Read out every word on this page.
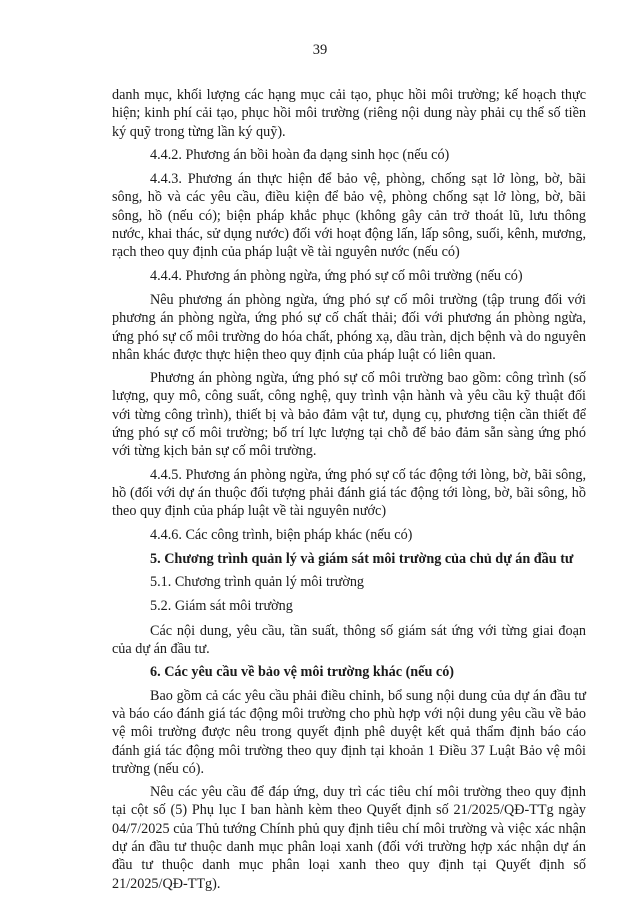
39

danh mục, khối lượng các hạng mục cải tạo, phục hồi môi trường; kế hoạch thực hiện; kinh phí cải tạo, phục hồi môi trường (riêng nội dung này phải cụ thể số tiền ký quỹ trong từng lần ký quỹ).

4.4.2. Phương án bồi hoàn đa dạng sinh học (nếu có)

4.4.3. Phương án thực hiện để bảo vệ, phòng, chống sạt lở lòng, bờ, bãi sông, hồ và các yêu cầu, điều kiện để bảo vệ, phòng chống sạt lở lòng, bờ, bãi sông, hồ (nếu có); biện pháp khắc phục (không gây cản trở thoát lũ, lưu thông nước, khai thác, sử dụng nước) đối với hoạt động lấn, lấp sông, suối, kênh, mương, rạch theo quy định của pháp luật về tài nguyên nước (nếu có)

4.4.4. Phương án phòng ngừa, ứng phó sự cố môi trường (nếu có)

Nêu phương án phòng ngừa, ứng phó sự cố môi trường (tập trung đối với phương án phòng ngừa, ứng phó sự cố chất thải; đối với phương án phòng ngừa, ứng phó sự cố môi trường do hóa chất, phóng xạ, dầu tràn, dịch bệnh và do nguyên nhân khác được thực hiện theo quy định của pháp luật có liên quan.

Phương án phòng ngừa, ứng phó sự cố môi trường bao gồm: công trình (số lượng, quy mô, công suất, công nghệ, quy trình vận hành và yêu cầu kỹ thuật đối với từng công trình), thiết bị và bảo đảm vật tư, dụng cụ, phương tiện cần thiết để ứng phó sự cố môi trường; bố trí lực lượng tại chỗ để bảo đảm sẵn sàng ứng phó với từng kịch bản sự cố môi trường.

4.4.5. Phương án phòng ngừa, ứng phó sự cố tác động tới lòng, bờ, bãi sông, hồ (đối với dự án thuộc đối tượng phải đánh giá tác động tới lòng, bờ, bãi sông, hồ theo quy định của pháp luật về tài nguyên nước)

4.4.6. Các công trình, biện pháp khác (nếu có)

5. Chương trình quản lý và giám sát môi trường của chủ dự án đầu tư

5.1. Chương trình quản lý môi trường

5.2. Giám sát môi trường

Các nội dung, yêu cầu, tần suất, thông số giám sát ứng với từng giai đoạn của dự án đầu tư.

6. Các yêu cầu về bảo vệ môi trường khác (nếu có)

Bao gồm cả các yêu cầu phải điều chỉnh, bổ sung nội dung của dự án đầu tư và báo cáo đánh giá tác động môi trường cho phù hợp với nội dung yêu cầu về bảo vệ môi trường được nêu trong quyết định phê duyệt kết quả thẩm định báo cáo đánh giá tác động môi trường theo quy định tại khoản 1 Điều 37 Luật Bảo vệ môi trường (nếu có).

Nêu các yêu cầu để đáp ứng, duy trì các tiêu chí môi trường theo quy định tại cột số (5) Phụ lục I ban hành kèm theo Quyết định số 21/2025/QĐ-TTg ngày 04/7/2025 của Thủ tướng Chính phủ quy định tiêu chí môi trường và việc xác nhận dự án đầu tư thuộc danh mục phân loại xanh (đối với trường hợp xác nhận dự án đầu tư thuộc danh mục phân loại xanh theo quy định tại Quyết định số 21/2025/QĐ-TTg).
